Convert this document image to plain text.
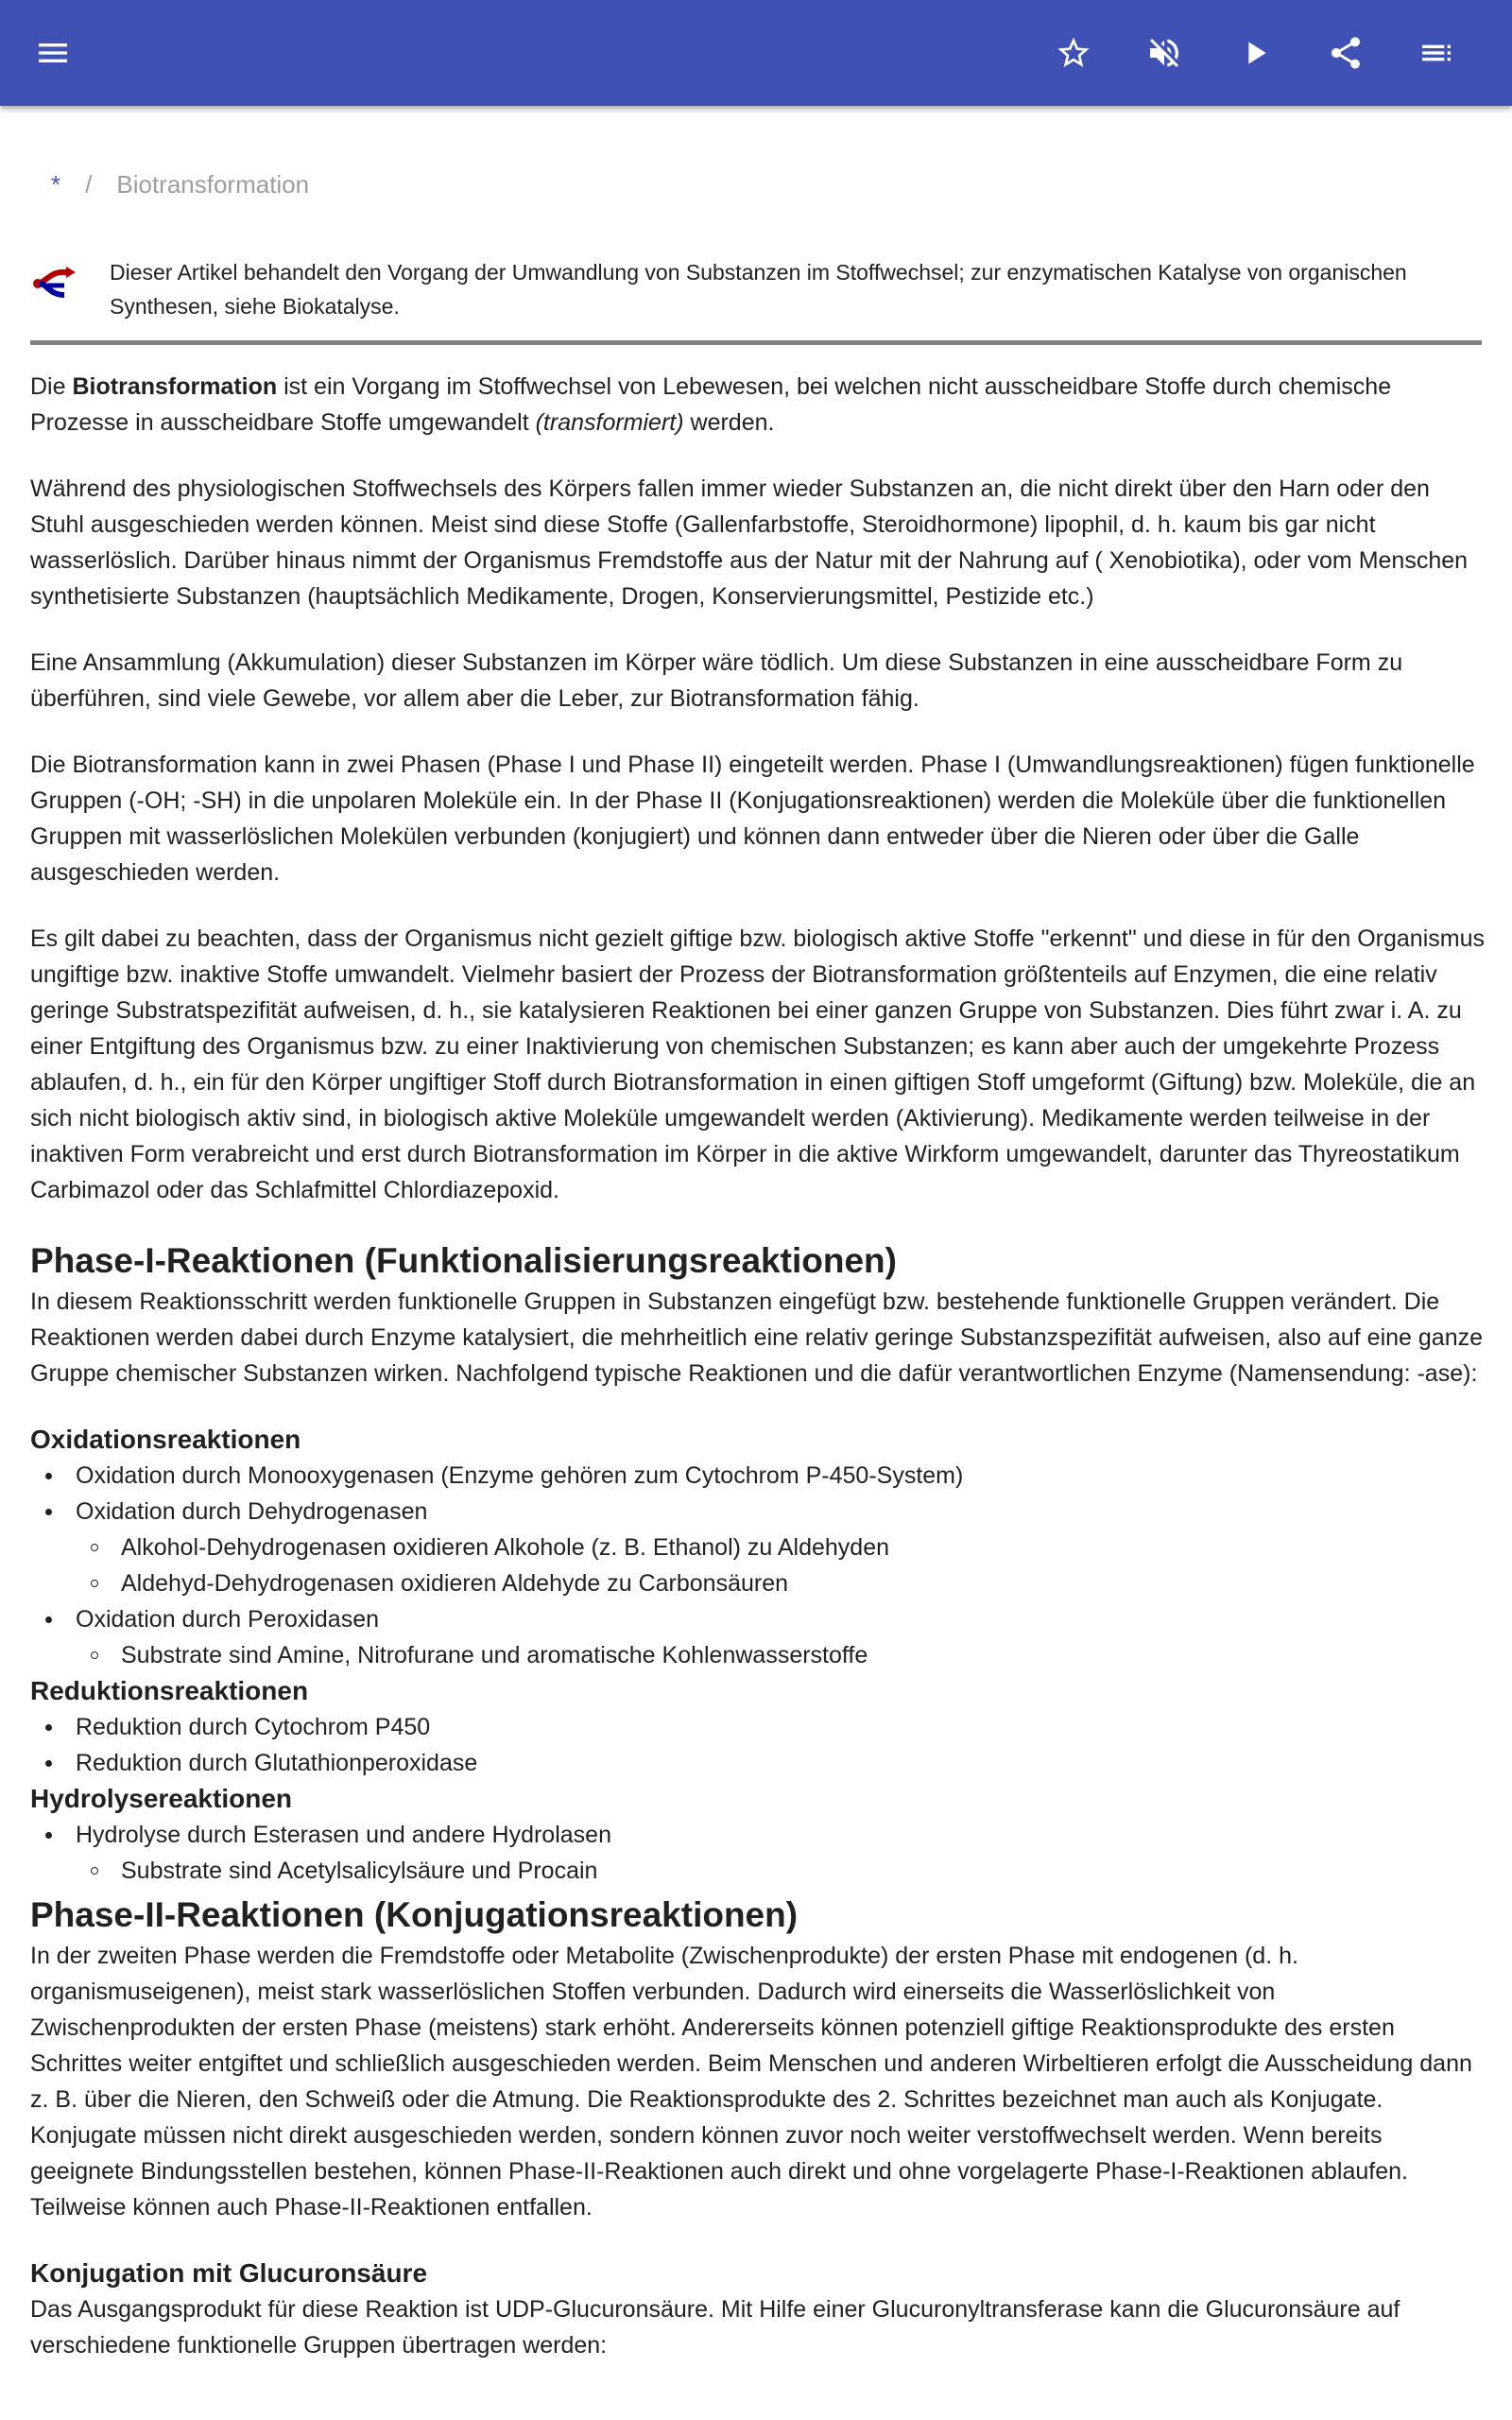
* / Biotransformation
Dieser Artikel behandelt den Vorgang der Umwandlung von Substanzen im Stoffwechsel; zur enzymatischen Katalyse von organischen Synthesen, siehe Biokatalyse.

Die Biotransformation ist ein Vorgang im Stoffwechsel von Lebewesen, bei welchen nicht ausscheidbare Stoffe durch chemische Prozesse in ausscheidbare Stoffe umgewandelt (transformiert) werden.

Während des physiologischen Stoffwechsels des Körpers fallen immer wieder Substanzen an, die nicht direkt über den Harn oder den Stuhl ausgeschieden werden können. Meist sind diese Stoffe (Gallenfarbstoffe, Steroidhormone) lipophil, d. h. kaum bis gar nicht wasserlöslich. Darüber hinaus nimmt der Organismus Fremdstoffe aus der Natur mit der Nahrung auf ( Xenobiotika), oder vom Menschen synthetisierte Substanzen (hauptsächlich Medikamente, Drogen, Konservierungsmittel, Pestizide etc.)

Eine Ansammlung (Akkumulation) dieser Substanzen im Körper wäre tödlich. Um diese Substanzen in eine ausscheidbare Form zu überführen, sind viele Gewebe, vor allem aber die Leber, zur Biotransformation fähig.

Die Biotransformation kann in zwei Phasen (Phase I und Phase II) eingeteilt werden. Phase I (Umwandlungsreaktionen) fügen funktionelle Gruppen (-OH; -SH) in die unpolaren Moleküle ein. In der Phase II (Konjugationsreaktionen) werden die Moleküle über die funktionellen Gruppen mit wasserlöslichen Molekülen verbunden (konjugiert) und können dann entweder über die Nieren oder über die Galle ausgeschieden werden.

Es gilt dabei zu beachten, dass der Organismus nicht gezielt giftige bzw. biologisch aktive Stoffe "erkennt" und diese in für den Organismus ungiftige bzw. inaktive Stoffe umwandelt. Vielmehr basiert der Prozess der Biotransformation größtenteils auf Enzymen, die eine relativ geringe Substratspezifität aufweisen, d. h., sie katalysieren Reaktionen bei einer ganzen Gruppe von Substanzen. Dies führt zwar i. A. zu einer Entgiftung des Organismus bzw. zu einer Inaktivierung von chemischen Substanzen; es kann aber auch der umgekehrte Prozess ablaufen, d. h., ein für den Körper ungiftiger Stoff durch Biotransformation in einen giftigen Stoff umgeformt (Giftung) bzw. Moleküle, die an sich nicht biologisch aktiv sind, in biologisch aktive Moleküle umgewandelt werden (Aktivierung). Medikamente werden teilweise in der inaktiven Form verabreicht und erst durch Biotransformation im Körper in die aktive Wirkform umgewandelt, darunter das Thyreostatikum Carbimazol oder das Schlafmittel Chlordiazepoxid.

Phase-I-Reaktionen (Funktionalisierungsreaktionen)

In diesem Reaktionsschritt werden funktionelle Gruppen in Substanzen eingefügt bzw. bestehende funktionelle Gruppen verändert. Die Reaktionen werden dabei durch Enzyme katalysiert, die mehrheitlich eine relativ geringe Substanzspezifität aufweisen, also auf eine ganze Gruppe chemischer Substanzen wirken. Nachfolgend typische Reaktionen und die dafür verantwortlichen Enzyme (Namensendung: -ase):

Oxidationsreaktionen
Oxidation durch Monooxygenasen (Enzyme gehören zum Cytochrom P-450-System)
Oxidation durch Dehydrogenasen
Alkohol-Dehydrogenasen oxidieren Alkohole (z. B. Ethanol) zu Aldehyden
Aldehyd-Dehydrogenasen oxidieren Aldehyde zu Carbonsäuren
Oxidation durch Peroxidasen
Substrate sind Amine, Nitrofurane und aromatische Kohlenwasserstoffe
Reduktionsreaktionen
Reduktion durch Cytochrom P450
Reduktion durch Glutathionperoxidase
Hydrolysereaktionen
Hydrolyse durch Esterasen und andere Hydrolasen
Substrate sind Acetylsalicylsäure und Procain
Phase-II-Reaktionen (Konjugationsreaktionen)

In der zweiten Phase werden die Fremdstoffe oder Metabolite (Zwischenprodukte) der ersten Phase mit endogenen (d. h. organismuseigenen), meist stark wasserlöslichen Stoffen verbunden. Dadurch wird einerseits die Wasserlöslichkeit von Zwischenprodukten der ersten Phase (meistens) stark erhöht. Andererseits können potenziell giftige Reaktionsprodukte des ersten Schrittes weiter entgiftet und schließlich ausgeschieden werden. Beim Menschen und anderen Wirbeltieren erfolgt die Ausscheidung dann z. B. über die Nieren, den Schweiß oder die Atmung. Die Reaktionsprodukte des 2. Schrittes bezeichnet man auch als Konjugate. Konjugate müssen nicht direkt ausgeschieden werden, sondern können zuvor noch weiter verstoffwechselt werden. Wenn bereits geeignete Bindungsstellen bestehen, können Phase-II-Reaktionen auch direkt und ohne vorgelagerte Phase-I-Reaktionen ablaufen. Teilweise können auch Phase-II-Reaktionen entfallen.

Konjugation mit Glucuronsäure

Das Ausgangsprodukt für diese Reaktion ist UDP-Glucuronsäure. Mit Hilfe einer Glucuronyltransferase kann die Glucuronsäure auf verschiedene funktionelle Gruppen übertragen werden:
